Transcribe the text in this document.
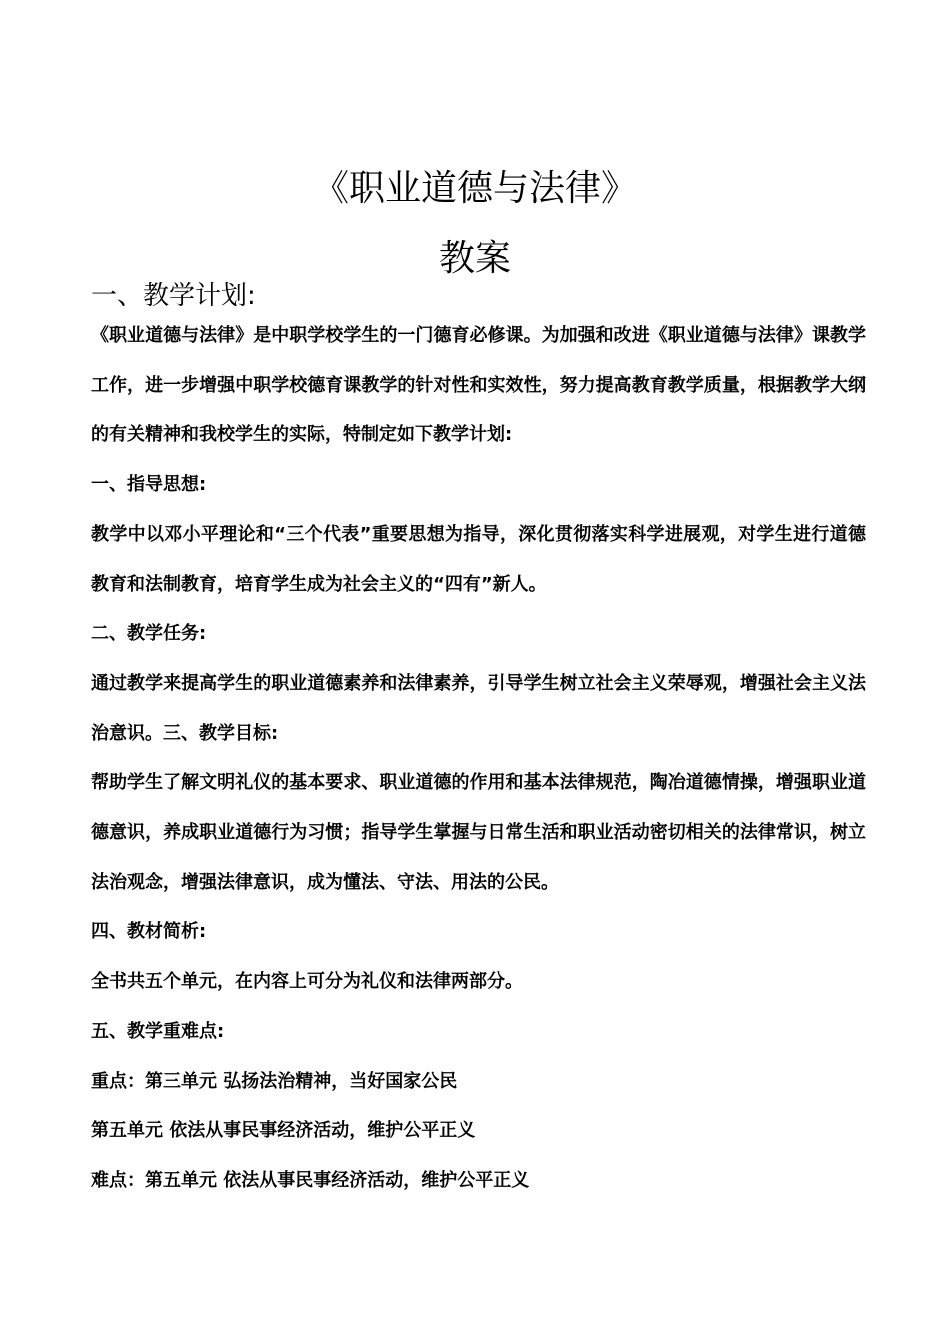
《职业道德与法律》
教案
一、教学计划:

《职业道德与法律》是中职学校学生的一门德育必修课。为加强和改进《职业道德与法律》课教学工作，进一步增强中职学校德育课教学的针对性和实效性，努力提高教育教学质量，根据教学大纲的有关精神和我校学生的实际，特制定如下教学计划:

一、指导思想:

教学中以邓小平理论和“三个代表”重要思想为指导，深化贯彻落实科学进展观，对学生进行道德教育和法制教育，培育学生成为社会主义的“四有”新人。

二、教学任务:

通过教学来提高学生的职业道德素养和法律素养，引导学生树立社会主义荣辱观，增强社会主义法治意识。三、教学目标:

帮助学生了解文明礼仪的基本要求、职业道德的作用和基本法律规范，陶冶道德情操，增强职业道德意识，养成职业道德行为习惯；指导学生掌握与日常生活和职业活动密切相关的法律常识，树立法治观念，增强法律意识，成为懂法、守法、用法的公民。

四、教材简析:

全书共五个单元，在内容上可分为礼仪和法律两部分。

五、教学重难点:

重点：第三单元 弘扬法治精神，当好国家公民

第五单元 依法从事民事经济活动，维护公平正义

难点：第五单元 依法从事民事经济活动，维护公平正义
